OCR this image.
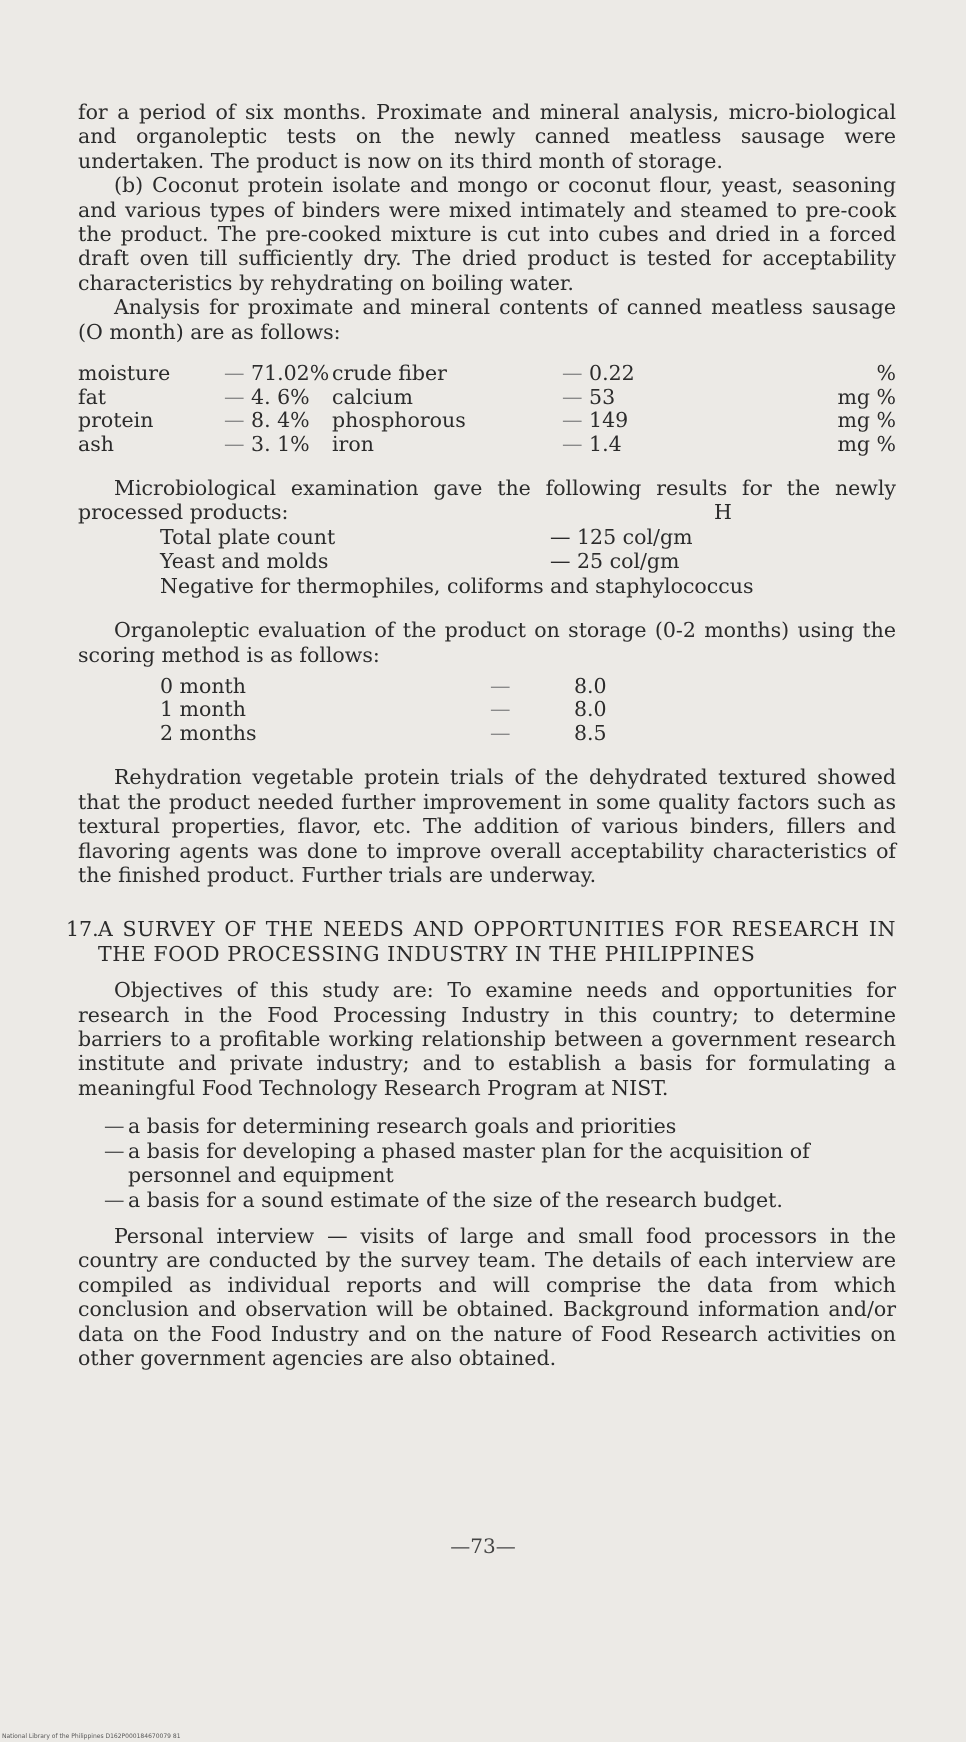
for a period of six months. Proximate and mineral analysis, micro-biological and organoleptic tests on the newly canned meatless sausage were undertaken. The product is now on its third month of storage.

(b) Coconut protein isolate and mongo or coconut flour, yeast, seasoning and various types of binders were mixed intimately and steamed to pre-cook the product. The pre-cooked mixture is cut into cubes and dried in a forced draft oven till sufficiently dry. The dried product is tested for acceptability characteristics by rehydrating on boiling water.

Analysis for proximate and mineral contents of canned meatless sausage (O month) are as follows:

moisture	— 71.02%	crude fiber	— 0.22	%
fat	— 4. 6%	calcium	— 53	mg %
protein	— 8. 4%	phosphorous	— 149	mg %
ash	— 3. 1%	iron	— 1.4	mg %

Microbiological examination gave the following results for the newly processed products:	H
Total plate count	— 125 col/gm
Yeast and molds	— 25 col/gm
Negative for thermophiles, coliforms and staphylococcus

Organoleptic evaluation of the product on storage (0-2 months) using the scoring method is as follows:

0 month	—	8.0
1 month	—	8.0
2 months	—	8.5

Rehydration vegetable protein trials of the dehydrated textured showed that the product needed further improvement in some quality factors such as textural properties, flavor, etc. The addition of various binders, fillers and flavoring agents was done to improve overall acceptability characteristics of the finished product. Further trials are underway.

17. A SURVEY OF THE NEEDS AND OPPORTUNITIES FOR RESEARCH IN THE FOOD PROCESSING INDUSTRY IN THE PHILIPPINES

Objectives of this study are: To examine needs and opportunities for research in the Food Processing Industry in this country; to determine barriers to a profitable working relationship between a government research institute and private industry; and to establish a basis for formulating a meaningful Food Technology Research Program at NIST.

— a basis for determining research goals and priorities
— a basis for developing a phased master plan for the acquisition of personnel and equipment
— a basis for a sound estimate of the size of the research budget.

Personal interview — visits of large and small food processors in the country are conducted by the survey team. The details of each interview are compiled as individual reports and will comprise the data from which conclusion and observation will be obtained. Background information and/or data on the Food Industry and on the nature of Food Research activities on other government agencies are also obtained.

—73—
National Library of the Philippines D162P000184670079 81
